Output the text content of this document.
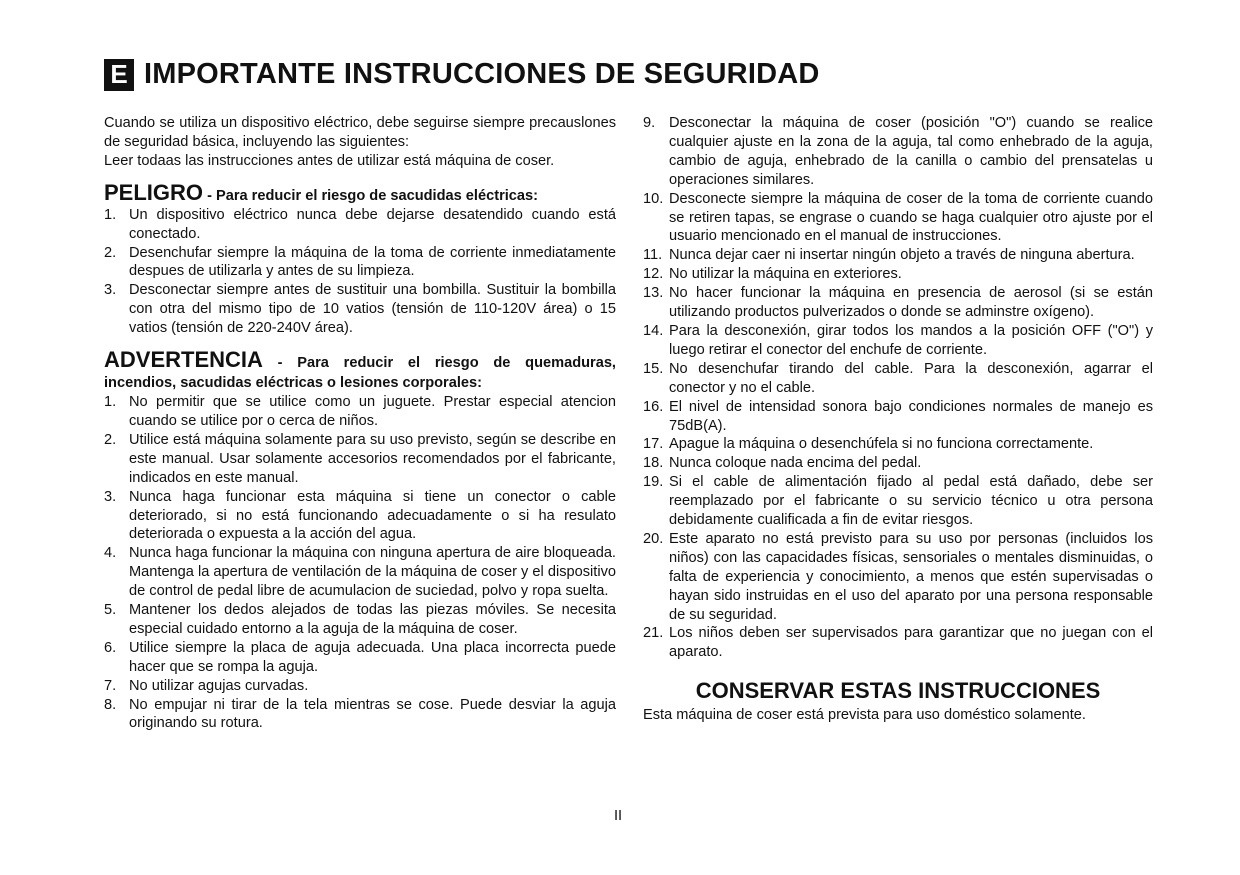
E IMPORTANTE INSTRUCCIONES DE SEGURIDAD

Cuando se utiliza un dispositivo eléctrico, debe seguirse siempre precauslones de seguridad básica, incluyendo las siguientes:

Leer todaas las instrucciones antes de utilizar está máquina de coser.

PELIGRO - Para reducir el riesgo de sacudidas eléctricas:
1. Un dispositivo eléctrico nunca debe dejarse desatendido cuando está conectado.
2. Desenchufar siempre la máquina de la toma de corriente inmediatamente despues de utilizarla y antes de su limpieza.
3. Desconectar siempre antes de sustituir una bombilla. Sustituir la bombilla con otra del mismo tipo de 10 vatios (tensión de 110-120V área) o 15 vatios (tensión de 220-240V área).
ADVERTENCIA - Para reducir el riesgo de quemaduras, incendios, sacudidas eléctricas o lesiones corporales:
1. No permitir que se utilice como un juguete. Prestar especial atencion cuando se utilice por o cerca de niños.
2. Utilice está máquina solamente para su uso previsto, según se describe en este manual. Usar solamente accesorios recomendados por el fabricante, indicados en este manual.
3. Nunca haga funcionar esta máquina si tiene un conector o cable deteriorado, si no está funcionando adecuadamente o si ha resulato deteriorada o expuesta a la acción del agua.
4. Nunca haga funcionar la máquina con ninguna apertura de aire bloqueada. Mantenga la apertura de ventilación de la máquina de coser y el dispositivo de control de pedal libre de acumulacion de suciedad, polvo y ropa suelta.
5. Mantener los dedos alejados de todas las piezas móviles. Se necesita especial cuidado entorno a la aguja de la máquina de coser.
6. Utilice siempre la placa de aguja adecuada. Una placa incorrecta puede hacer que se rompa la aguja.
7. No utilizar agujas curvadas.
8. No empujar ni tirar de la tela mientras se cose. Puede desviar la aguja originando su rotura.
9. Desconectar la máquina de coser (posición "O") cuando se realice cualquier ajuste en la zona de la aguja, tal como enhebrado de la aguja, cambio de aguja, enhebrado de la canilla o cambio del prensatelas u operaciones similares.
10. Desconecte siempre la máquina de coser de la toma de corriente cuando se retiren tapas, se engrase o cuando se haga cualquier otro ajuste por el usuario mencionado en el manual de instrucciones.
11. Nunca dejar caer ni insertar ningún objeto a través de ninguna abertura.
12. No utilizar la máquina en exteriores.
13. No hacer funcionar la máquina en presencia de aerosol (si se están utilizando productos pulverizados o donde se adminstre oxígeno).
14. Para la desconexión, girar todos los mandos a la posición OFF ("O") y luego retirar el conector del enchufe de corriente.
15. No desenchufar tirando del cable. Para la desconexión, agarrar el conector y no el cable.
16. El nivel de intensidad sonora bajo condiciones normales de manejo es 75dB(A).
17. Apague la máquina o desenchúfela si no funciona correctamente.
18. Nunca coloque nada encima del pedal.
19. Si el cable de alimentación fijado al pedal está dañado, debe ser reemplazado por el fabricante o su servicio técnico u otra persona debidamente cualificada a fin de evitar riesgos.
20. Este aparato no está previsto para su uso por personas (incluidos los niños) con las capacidades físicas, sensoriales o mentales disminuidas, o falta de experiencia y conocimiento, a menos que estén supervisadas o hayan sido instruidas en el uso del aparato por una persona responsable de su seguridad.
21. Los niños deben ser supervisados para garantizar que no juegan con el aparato.
CONSERVAR ESTAS INSTRUCCIONES

Esta máquina de coser está prevista para uso doméstico solamente.

II
